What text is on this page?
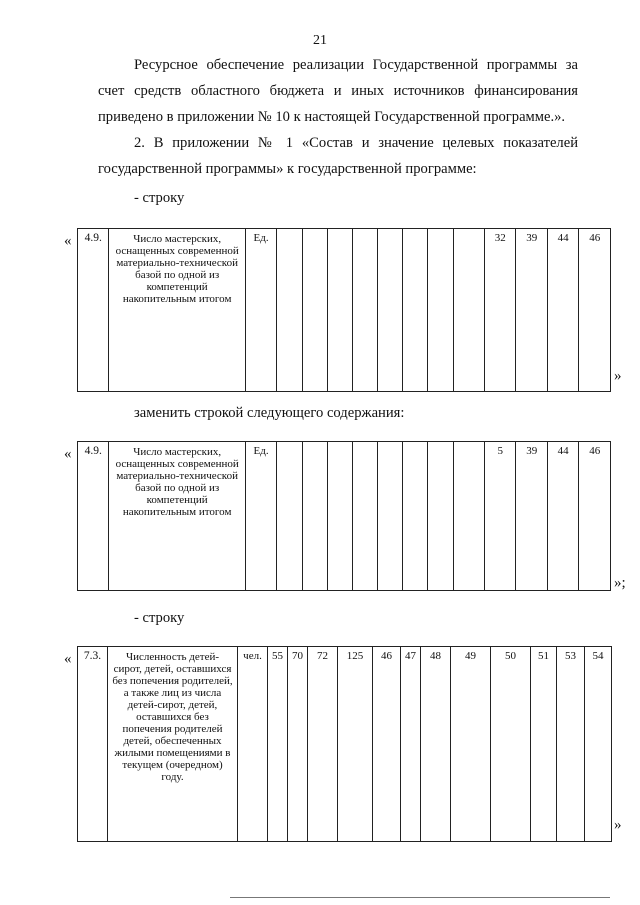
21
Ресурсное обеспечение реализации Государственной программы за счет средств областного бюджета и иных источников финансирования приведено в приложении № 10 к настоящей Государственной программе.».
2. В приложении № 1 «Состав и значение целевых показателей государственной программы» к государственной программе:
- строку
« 4.9.	Число мастерских, оснащенных современной материально-технической базой по одной из компетенций накопительным итогом	Ед.									32	39	44	46
»
заменить строкой следующего содержания:
« 4.9.	Число мастерских, оснащенных современной материально-технической базой по одной из компетенций накопительным итогом	Ед.									5	39	44	46
»;
- строку
« 7.3.	Численность детей-сирот, детей, оставшихся без попечения родителей, а также лиц из числа детей-сирот, детей, оставшихся без попечения родителей детей, обеспеченных жилыми помещениями в текущем (очередном) году.	чел.	55	70	72	125	46	47	48	49	50	51	53	54
»
